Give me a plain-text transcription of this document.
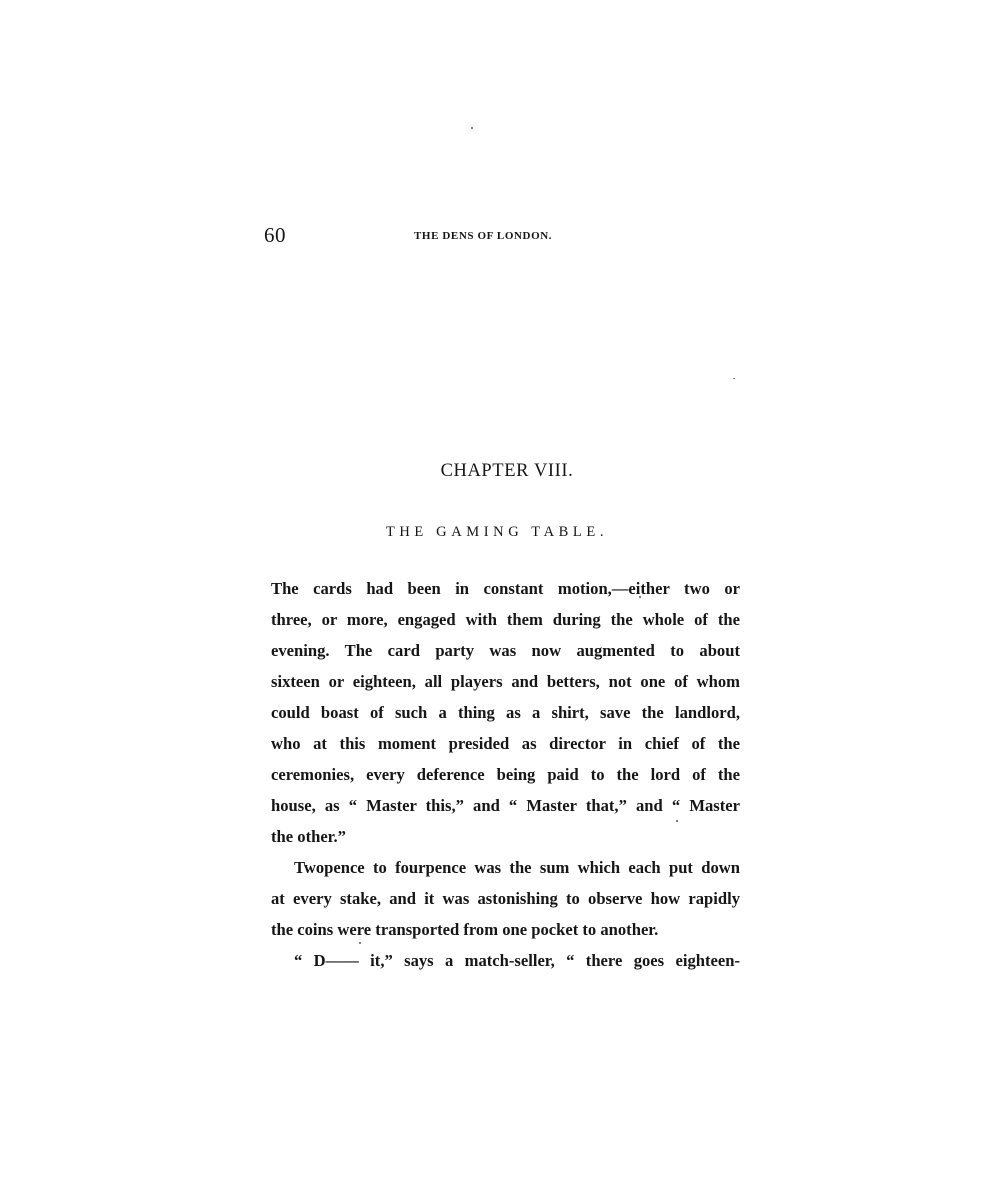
60	THE DENS OF LONDON.
CHAPTER VIII.
THE GAMING TABLE.
The cards had been in constant motion,—either two or
three, or more, engaged with them during the whole of the
evening. The card party was now augmented to about
sixteen or eighteen, all players and betters, not one of whom
could boast of such a thing as a shirt, save the landlord,
who at this moment presided as director in chief of the
ceremonies, every deference being paid to the lord of the
house, as “ Master this,” and “ Master that,” and “ Master
the other.”
Twopence to fourpence was the sum which each put down
at every stake, and it was astonishing to observe how rapidly
the coins were transported from one pocket to another.
“ D—— it,” says a match-seller, “ there goes eighteen-
